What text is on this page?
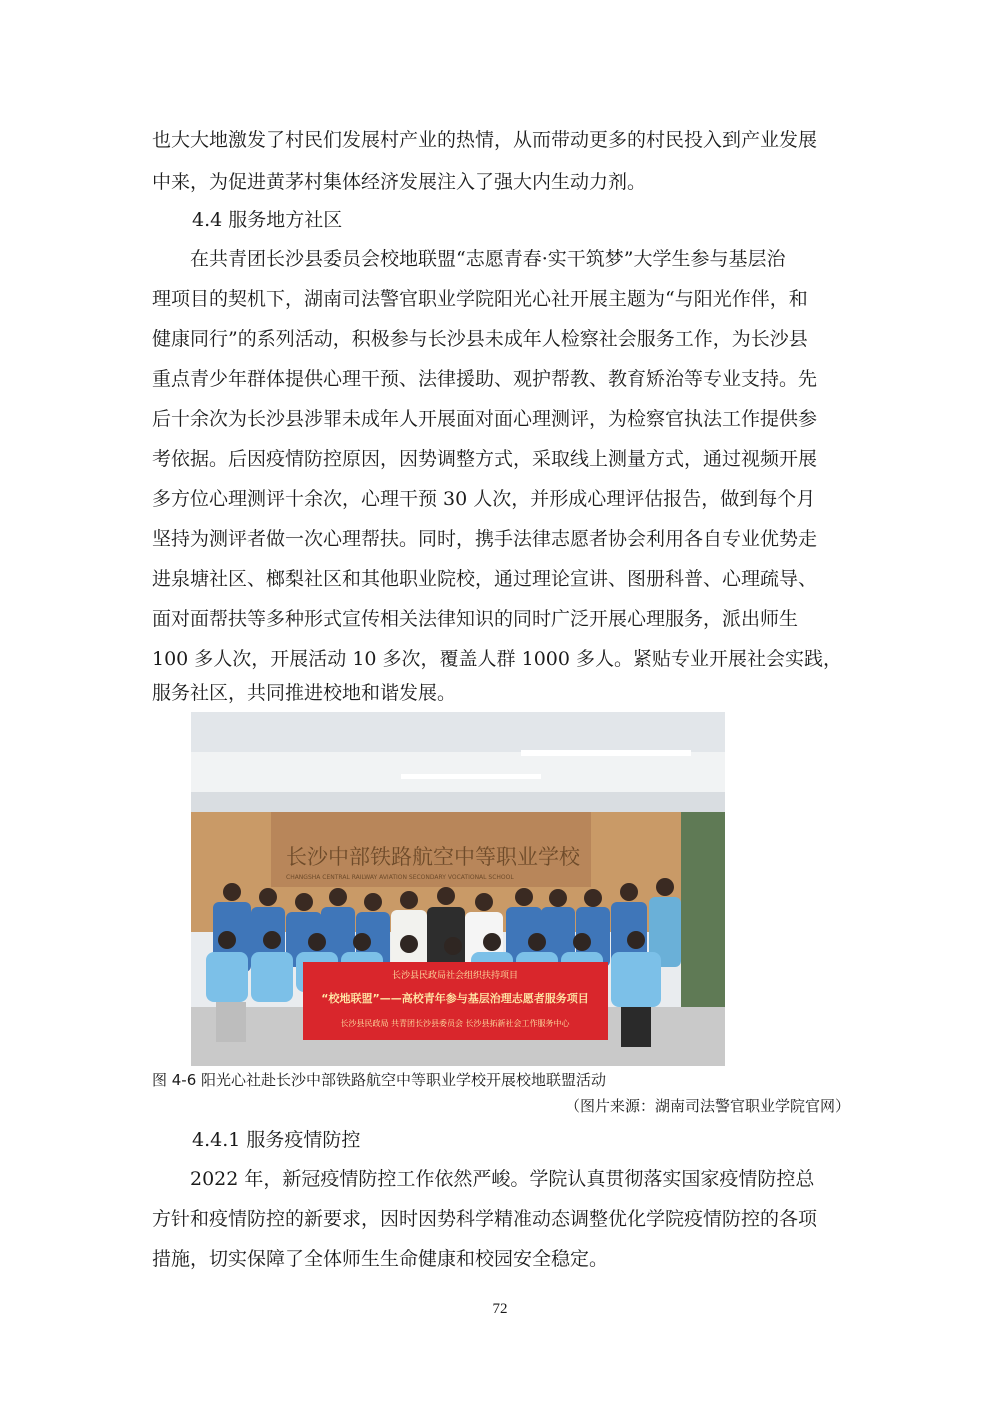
也大大地激发了村民们发展村产业的热情，从而带动更多的村民投入到产业发展
中来，为促进黄茅村集体经济发展注入了强大内生动力剂。
4.4 服务地方社区
　　在共青团长沙县委员会校地联盟“志愿青春·实干筑梦”大学生参与基层治
理项目的契机下，湖南司法警官职业学院阳光心社开展主题为“与阳光作伴，和
健康同行”的系列活动，积极参与长沙县未成年人检察社会服务工作，为长沙县
重点青少年群体提供心理干预、法律援助、观护帮教、教育矫治等专业支持。先
后十余次为长沙县涉罪未成年人开展面对面心理测评，为检察官执法工作提供参
考依据。后因疫情防控原因，因势调整方式，采取线上测量方式，通过视频开展
多方位心理测评十余次，心理干预 30 人次，并形成心理评估报告，做到每个月
坚持为测评者做一次心理帮扶。同时，携手法律志愿者协会利用各自专业优势走
进泉塘社区、榔梨社区和其他职业院校，通过理论宣讲、图册科普、心理疏导、
面对面帮扶等多种形式宣传相关法律知识的同时广泛开展心理服务，派出师生
100 多人次，开展活动 10 多次，覆盖人群 1000 多人。紧贴专业开展社会实践，
服务社区，共同推进校地和谐发展。
长沙中部铁路航空中等职业学校
CHANGSHA CENTRAL RAILWAY AVIATION SECONDARY VOCATIONAL SCHOOL
长沙县民政局社会组织扶持项目
“校地联盟”——高校青年参与基层治理志愿者服务项目
长沙县民政局 共青团长沙县委员会 长沙县拓新社会工作服务中心
图 4-6 阳光心社赴长沙中部铁路航空中等职业学校开展校地联盟活动
（图片来源：湖南司法警官职业学院官网）
4.4.1 服务疫情防控
　　2022 年，新冠疫情防控工作依然严峻。学院认真贯彻落实国家疫情防控总
方针和疫情防控的新要求，因时因势科学精准动态调整优化学院疫情防控的各项
措施，切实保障了全体师生生命健康和校园安全稳定。
72
